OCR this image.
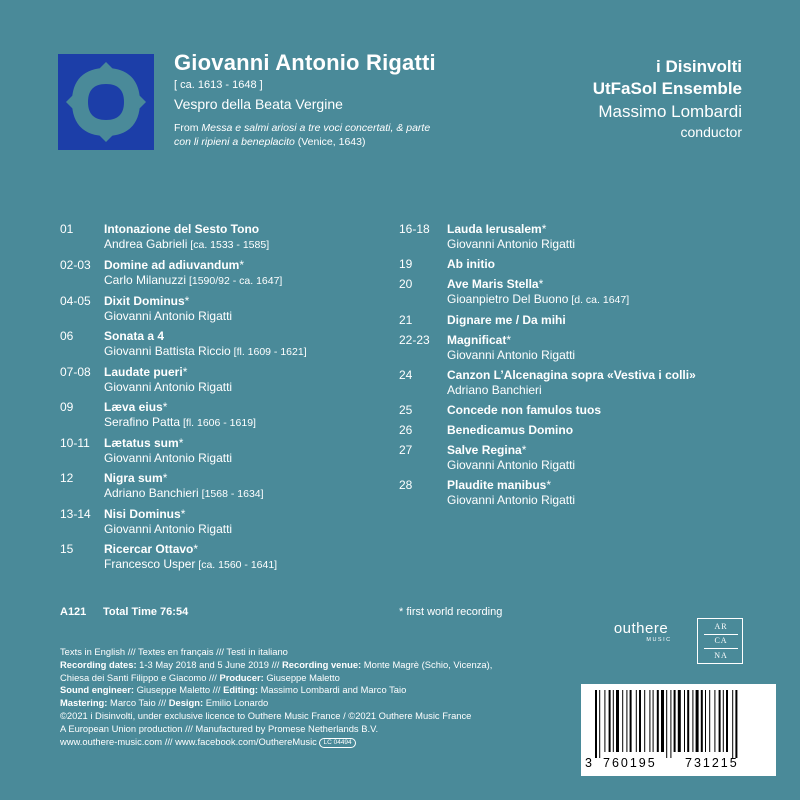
Giovanni Antonio Rigatti
[ ca. 1613 - 1648 ]
Vespro della Beata Vergine
From Messa e salmi ariosi a tre voci concertati, & parte con li ripieni a beneplacito (Venice, 1643)
i Disinvolti
UtFaSol Ensemble
Massimo Lombardi
conductor
01	Intonazione del Sesto Tono
Andrea Gabrieli [ca. 1533 - 1585]
02-03 Domine ad adiuvandum*
Carlo Milanuzzi [1590/92 - ca. 1647]
04-05 Dixit Dominus*
Giovanni Antonio Rigatti
06	Sonata a 4
Giovanni Battista Riccio [fl. 1609 - 1621]
07-08 Laudate pueri*
Giovanni Antonio Rigatti
09	Læva eius*
Serafino Patta [fl. 1606 - 1619]
10-11 Lætatus sum*
Giovanni Antonio Rigatti
12	Nigra sum*
Adriano Banchieri [1568 - 1634]
13-14 Nisi Dominus*
Giovanni Antonio Rigatti
15	Ricercar Ottavo*
Francesco Usper [ca. 1560 - 1641]
16-18 Lauda Ierusalem*
Giovanni Antonio Rigatti
19	Ab initio
20	Ave Maris Stella*
Gioanpietro Del Buono [d. ca. 1647]
21	Dignare me / Da mihi
22-23 Magnificat*
Giovanni Antonio Rigatti
24	Canzon L’Alcenagina sopra «Vestiva i colli»
Adriano Banchieri
25	Concede non famulos tuos
26	Benedicamus Domino
27	Salve Regina*
Giovanni Antonio Rigatti
28	Plaudite manibus*
Giovanni Antonio Rigatti
A121 Total Time 76:54	* first world recording
Texts in English /// Textes en français /// Testi in italiano
Recording dates: 1-3 May 2018 and 5 June 2019 /// Recording venue: Monte Magrè (Schio, Vicenza),
Chiesa dei Santi Filippo e Giacomo /// Producer: Giuseppe Maletto
Sound engineer: Giuseppe Maletto /// Editing: Massimo Lombardi and Marco Taio
Mastering: Marco Taio /// Design: Emilio Lonardo
©2021 i Disinvolti, under exclusive licence to Outhere Music France / ©2021 Outhere Music France
A European Union production /// Manufactured by Promese Netherlands B.V.
www.outhere-music.com /// www.facebook.com/OuthereMusic LC 04494
outhere
MUSIC
AR
CA
NA
3 760195 731215
